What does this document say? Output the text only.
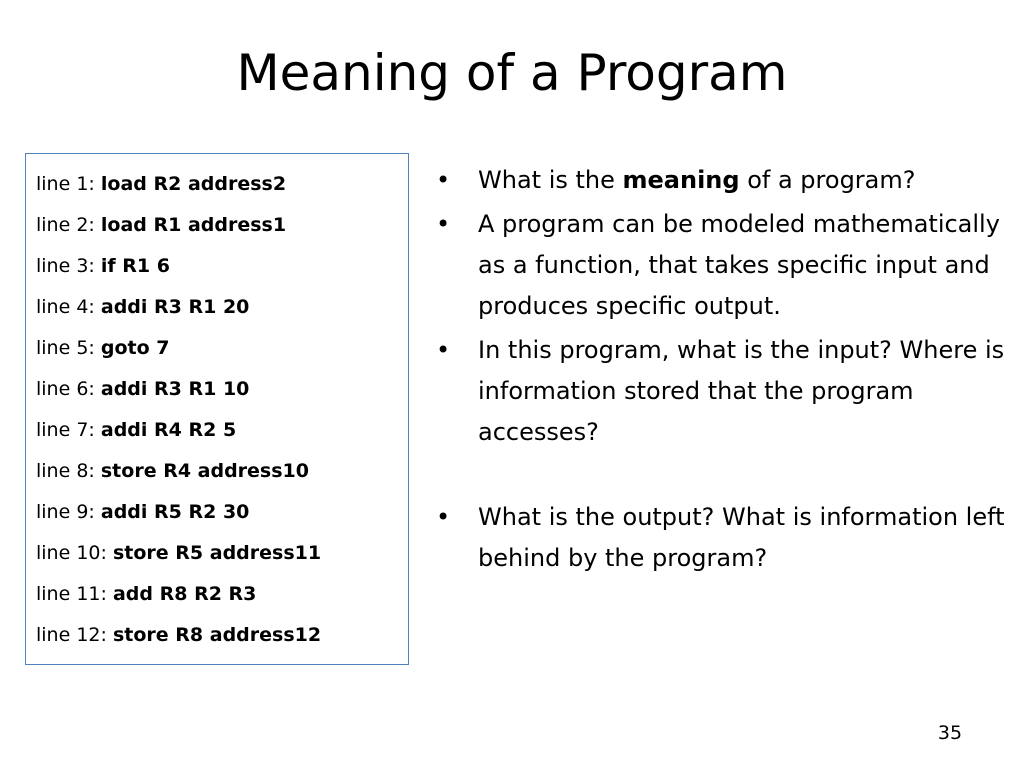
Meaning of a Program
line 1: load R2 address2
line 2: load R1 address1
line 3: if R1 6
line 4: addi R3 R1 20
line 5: goto 7
line 6: addi R3 R1 10
line 7: addi R4 R2 5
line 8: store R4 address10
line 9: addi R5 R2 30
line 10: store R5 address11
line 11: add R8 R2 R3
line 12: store R8 address12
• What is the meaning of a program?
• A program can be modeled mathematically as a function, that takes specific input and produces specific output.
• In this program, what is the input? Where is information stored that the program accesses?
• What is the output? What is information left behind by the program?
35
